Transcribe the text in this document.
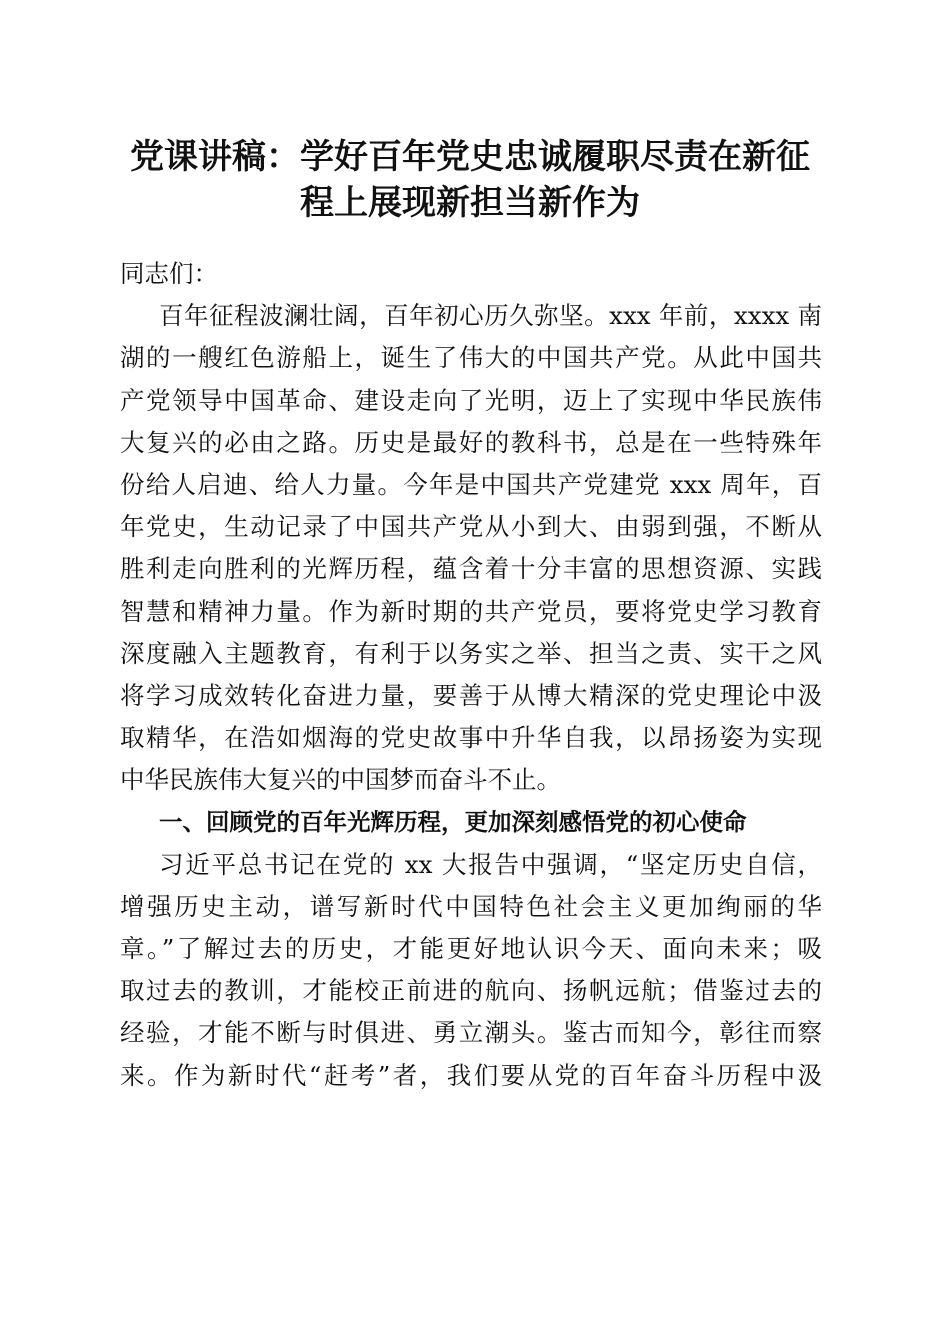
党课讲稿：学好百年党史忠诚履职尽责在新征
程上展现新担当新作为
同志们：
百年征程波澜壮阔，百年初心历久弥坚。xxx 年前，xxxx 南
湖的一艘红色游船上，诞生了伟大的中国共产党。从此中国共
产党领导中国革命、建设走向了光明，迈上了实现中华民族伟
大复兴的必由之路。历史是最好的教科书，总是在一些特殊年
份给人启迪、给人力量。今年是中国共产党建党 xxx 周年，百
年党史，生动记录了中国共产党从小到大、由弱到强，不断从
胜利走向胜利的光辉历程，蕴含着十分丰富的思想资源、实践
智慧和精神力量。作为新时期的共产党员，要将党史学习教育
深度融入主题教育，有利于以务实之举、担当之责、实干之风
将学习成效转化奋进力量，要善于从博大精深的党史理论中汲
取精华，在浩如烟海的党史故事中升华自我，以昂扬姿为实现
中华民族伟大复兴的中国梦而奋斗不止。
一、回顾党的百年光辉历程，更加深刻感悟党的初心使命
习近平总书记在党的 xx 大报告中强调，“坚定历史自信，
增强历史主动，谱写新时代中国特色社会主义更加绚丽的华
章。”了解过去的历史，才能更好地认识今天、面向未来；吸
取过去的教训，才能校正前进的航向、扬帆远航；借鉴过去的
经验，才能不断与时俱进、勇立潮头。鉴古而知今，彰往而察
来。作为新时代“赶考”者，我们要从党的百年奋斗历程中汲
